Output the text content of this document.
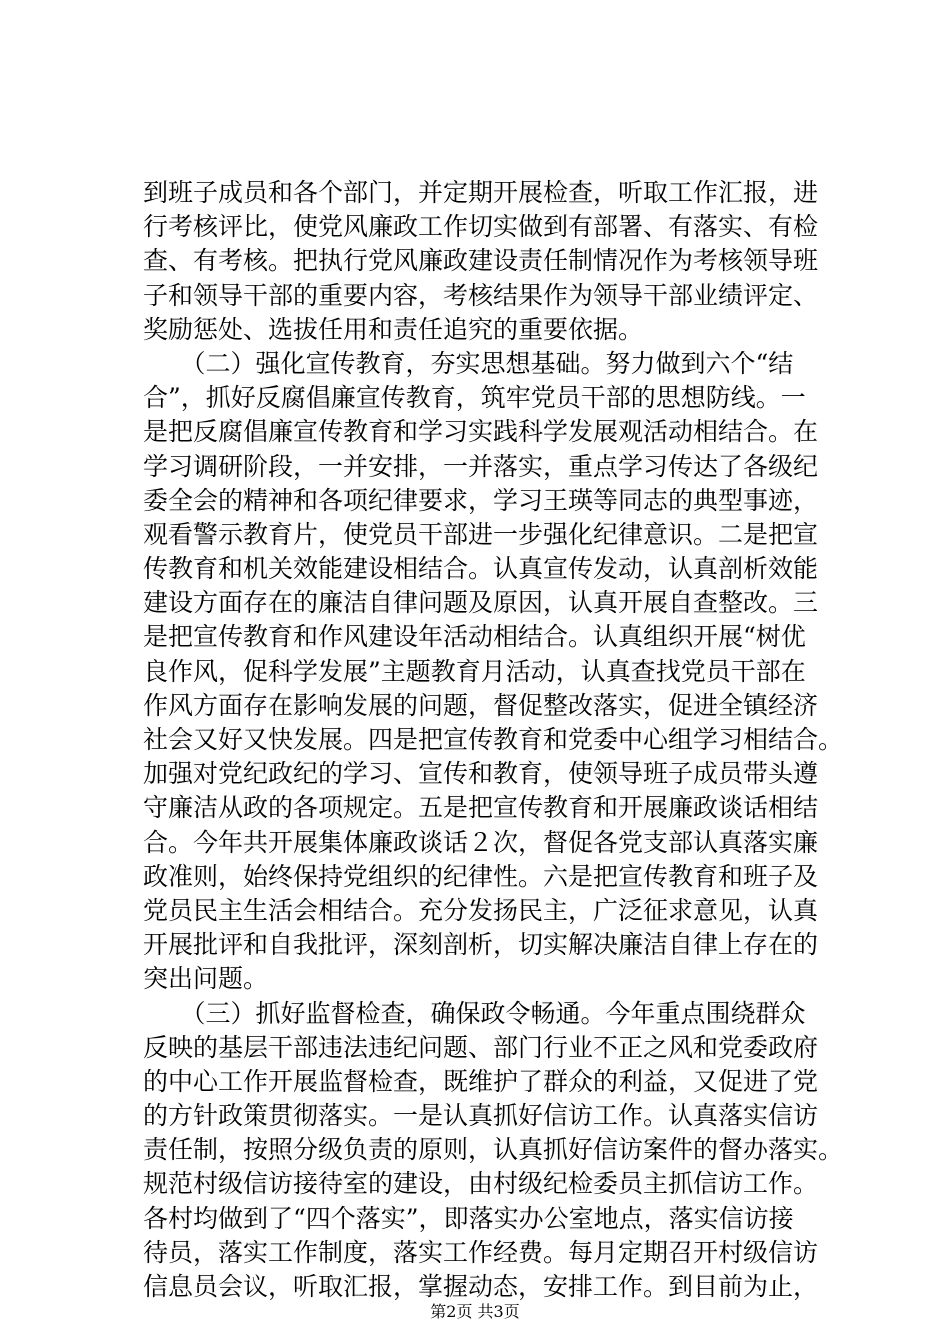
到班子成员和各个部门，并定期开展检查，听取工作汇报，进
行考核评比，使党风廉政工作切实做到有部署、有落实、有检
查、有考核。把执行党风廉政建设责任制情况作为考核领导班
子和领导干部的重要内容，考核结果作为领导干部业绩评定、
奖励惩处、选拔任用和责任追究的重要依据。
　　（二）强化宣传教育，夯实思想基础。努力做到六个“结
合”，抓好反腐倡廉宣传教育，筑牢党员干部的思想防线。一
是把反腐倡廉宣传教育和学习实践科学发展观活动相结合。在
学习调研阶段，一并安排，一并落实，重点学习传达了各级纪
委全会的精神和各项纪律要求，学习王瑛等同志的典型事迹，
观看警示教育片，使党员干部进一步强化纪律意识。二是把宣
传教育和机关效能建设相结合。认真宣传发动，认真剖析效能
建设方面存在的廉洁自律问题及原因，认真开展自查整改。三
是把宣传教育和作风建设年活动相结合。认真组织开展“树优
良作风，促科学发展”主题教育月活动，认真查找党员干部在
作风方面存在影响发展的问题，督促整改落实，促进全镇经济
社会又好又快发展。四是把宣传教育和党委中心组学习相结合。
加强对党纪政纪的学习、宣传和教育，使领导班子成员带头遵
守廉洁从政的各项规定。五是把宣传教育和开展廉政谈话相结
合。今年共开展集体廉政谈话２次，督促各党支部认真落实廉
政准则，始终保持党组织的纪律性。六是把宣传教育和班子及
党员民主生活会相结合。充分发扬民主，广泛征求意见，认真
开展批评和自我批评，深刻剖析，切实解决廉洁自律上存在的
突出问题。
　　（三）抓好监督检查，确保政令畅通。今年重点围绕群众
反映的基层干部违法违纪问题、部门行业不正之风和党委政府
的中心工作开展监督检查，既维护了群众的利益，又促进了党
的方针政策贯彻落实。一是认真抓好信访工作。认真落实信访
责任制，按照分级负责的原则，认真抓好信访案件的督办落实。
规范村级信访接待室的建设，由村级纪检委员主抓信访工作。
各村均做到了“四个落实”，即落实办公室地点，落实信访接
待员，落实工作制度，落实工作经费。每月定期召开村级信访
信息员会议，听取汇报，掌握动态，安排工作。到目前为止，
第2页 共3页
